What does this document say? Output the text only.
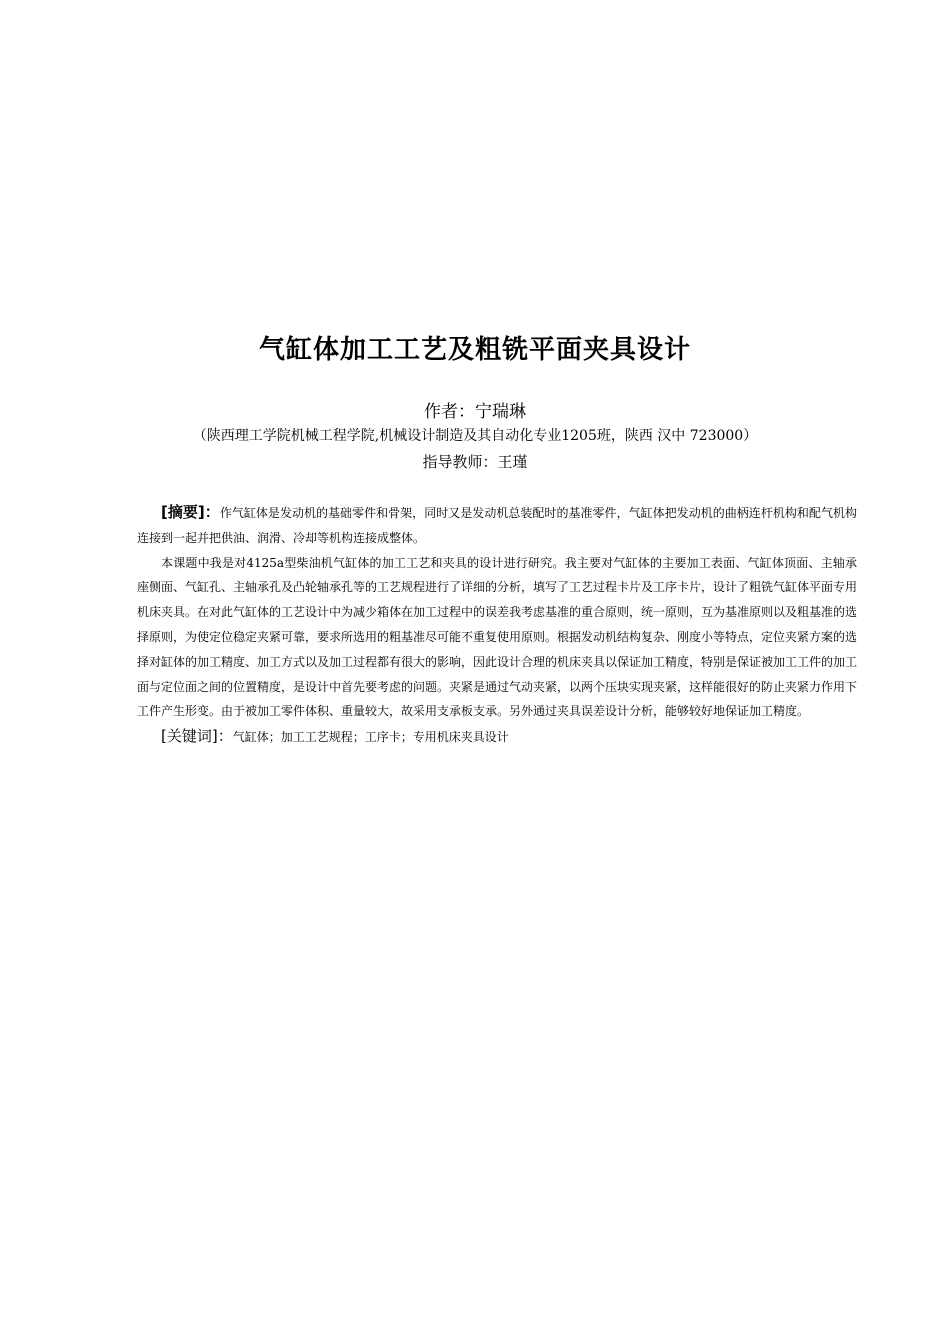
气缸体加工工艺及粗铣平面夹具设计
作者：宁瑞琳
（陕西理工学院机械工程学院,机械设计制造及其自动化专业1205班，陕西 汉中 723000）
指导教师：王瑾

[摘要]：作气缸体是发动机的基础零件和骨架，同时又是发动机总装配时的基准零件，气缸体把发动机的曲柄连杆机构和配气机构连接到一起并把供油、润滑、冷却等机构连接成整体。

本课题中我是对4125a型柴油机气缸体的加工工艺和夹具的设计进行研究。我主要对气缸体的主要加工表面、气缸体顶面、主轴承座侧面、气缸孔、主轴承孔及凸轮轴承孔等的工艺规程进行了详细的分析，填写了工艺过程卡片及工序卡片，设计了粗铣气缸体平面专用机床夹具。在对此气缸体的工艺设计中为减少箱体在加工过程中的误差我考虑基准的重合原则，统一原则，互为基准原则以及粗基准的选择原则，为使定位稳定夹紧可靠，要求所选用的粗基准尽可能不重复使用原则。根据发动机结构复杂、刚度小等特点，定位夹紧方案的选择对缸体的加工精度、加工方式以及加工过程都有很大的影响，因此设计合理的机床夹具以保证加工精度，特别是保证被加工工件的加工面与定位面之间的位置精度，是设计中首先要考虑的问题。夹紧是通过气动夹紧，以两个压块实现夹紧，这样能很好的防止夹紧力作用下工件产生形变。由于被加工零件体积、重量较大，故采用支承板支承。另外通过夹具误差设计分析，能够较好地保证加工精度。

[关键词]：气缸体；加工工艺规程；工序卡；专用机床夹具设计
